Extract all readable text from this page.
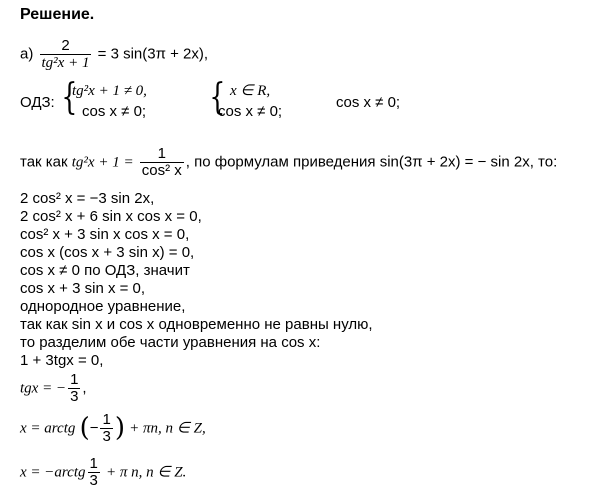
Решение.
$а) \frac{2}{\text{tg²x + 1}} = 3$ sin(3π + 2x),
ОДЗ: {
tg²x + 1 ≠ 0,
cos x ≠ 0; { x ∈ R,
cos x ≠ 0;
cos x ≠ 0;
так как $tg^2x + 1 = \frac{1}{\text{cos² x}}$ , по формулам приведения sin(3π + 2x) = − sin 2x, то:
2 cos² x = −3 sin 2x,
2 cos² x + 6 sin x cos x = 0,
cos² x + 3 sin x cos x = 0,
cos x (cos x + 3 sin x) = 0,
cos x ≠ 0 по ОДЗ, значит
cos x + 3 sin x = 0,
однородное уравнение,
так как sin x и cos x одновременно не равны нулю,
то разделим обе части уравнения на cos x:
1 + 3tgx = 0,
tgx = − $\frac{1}{3}$ ,
x = arctg (− $\frac{1}{3}$ ) + πn, n ∈ Z,
x = −arctg $\frac{1}{3} + \pi$ n, n ∈ Z.
